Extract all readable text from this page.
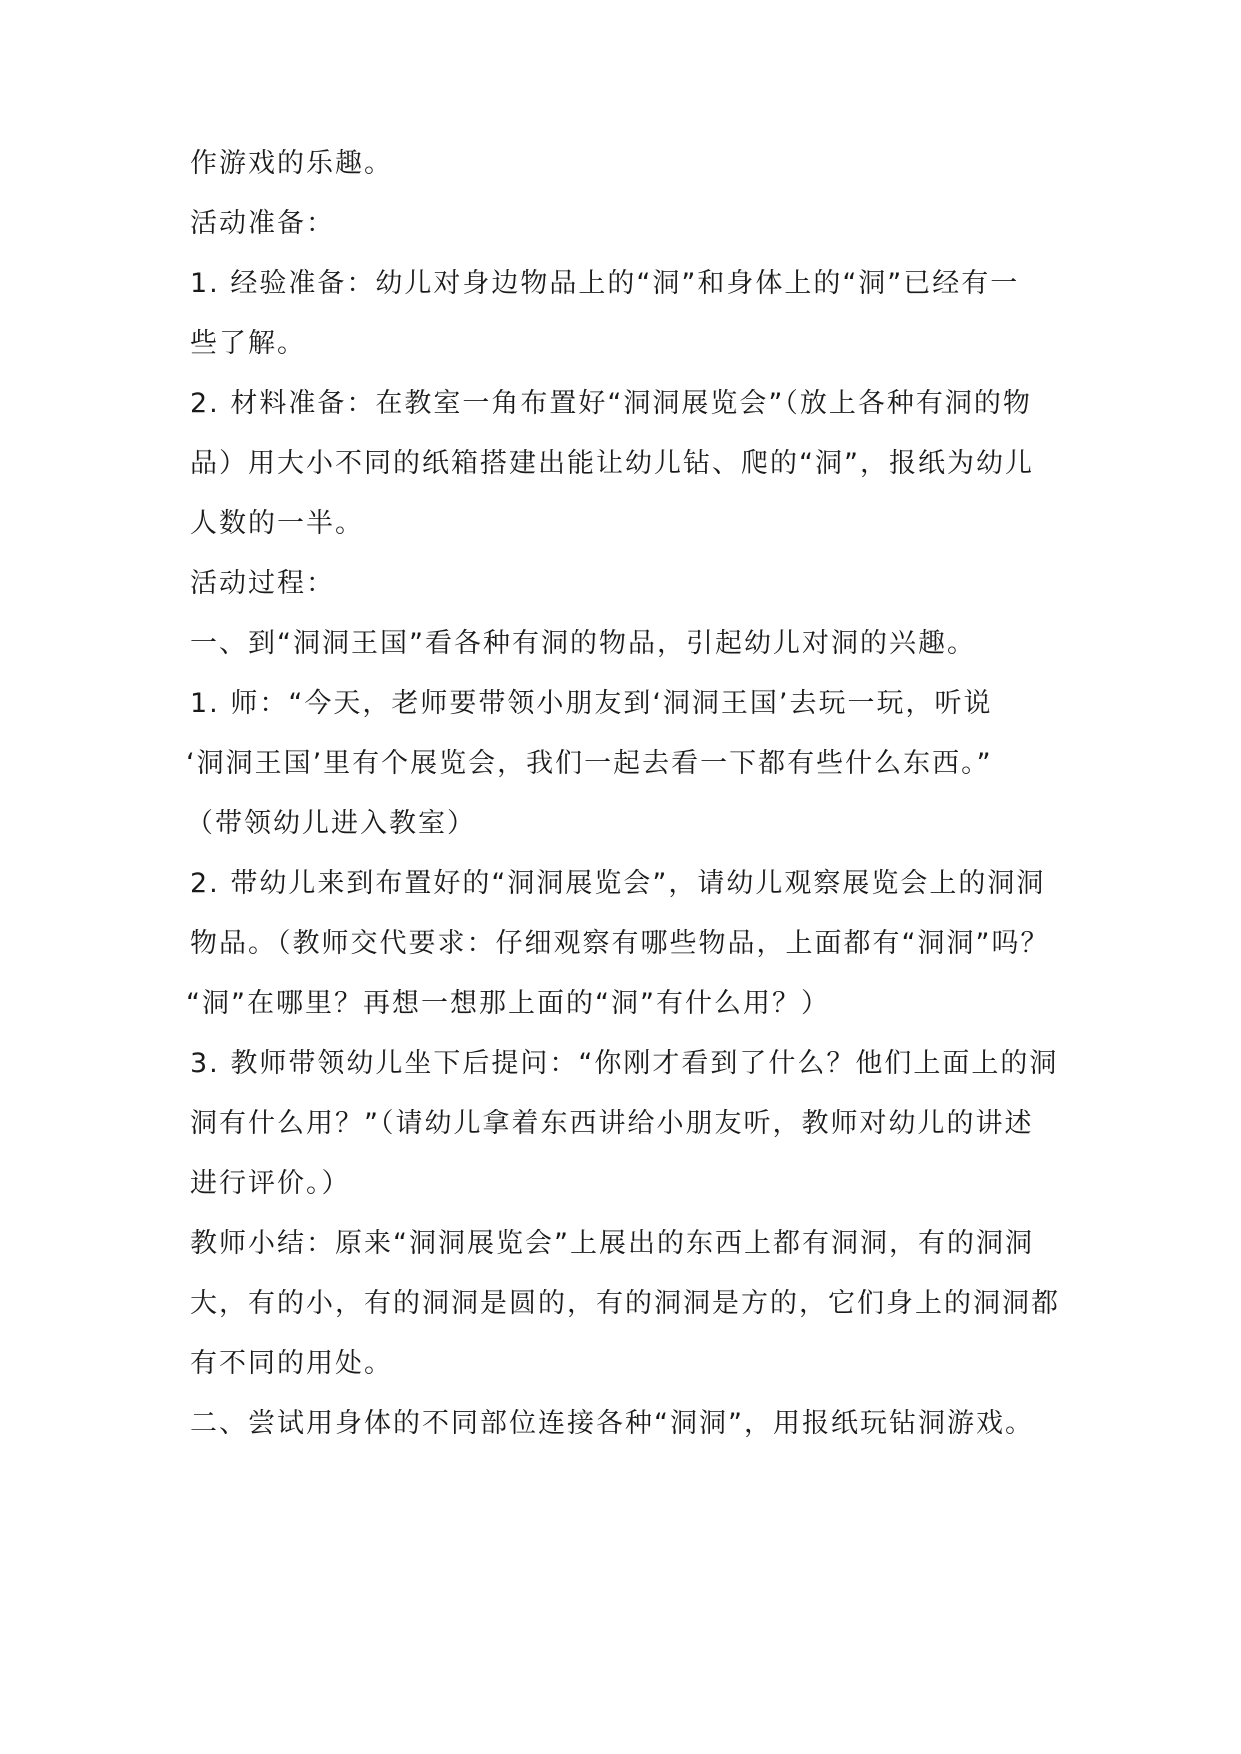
作游戏的乐趣。

活动准备：

1. 经验准备：幼儿对身边物品上的“洞”和身体上的“洞”已经有一

些了解。

2. 材料准备：在教室一角布置好“洞洞展览会”（放上各种有洞的物

品）用大小不同的纸箱搭建出能让幼儿钻、爬的“洞”，报纸为幼儿

人数的一半。

活动过程：

一、到“洞洞王国”看各种有洞的物品，引起幼儿对洞的兴趣。

1. 师：“今天，老师要带领小朋友到‘洞洞王国’去玩一玩，听说

‘洞洞王国’里有个展览会，我们一起去看一下都有些什么东西。”

（带领幼儿进入教室）

2. 带幼儿来到布置好的“洞洞展览会”，请幼儿观察展览会上的洞洞

物品。（教师交代要求：仔细观察有哪些物品，上面都有“洞洞”吗？

“洞”在哪里？再想一想那上面的“洞”有什么用？）

3. 教师带领幼儿坐下后提问：“你刚才看到了什么？他们上面上的洞

洞有什么用？”（请幼儿拿着东西讲给小朋友听，教师对幼儿的讲述

进行评价。）

教师小结：原来“洞洞展览会”上展出的东西上都有洞洞，有的洞洞

大，有的小，有的洞洞是圆的，有的洞洞是方的，它们身上的洞洞都

有不同的用处。

二、尝试用身体的不同部位连接各种“洞洞”，用报纸玩钻洞游戏。
